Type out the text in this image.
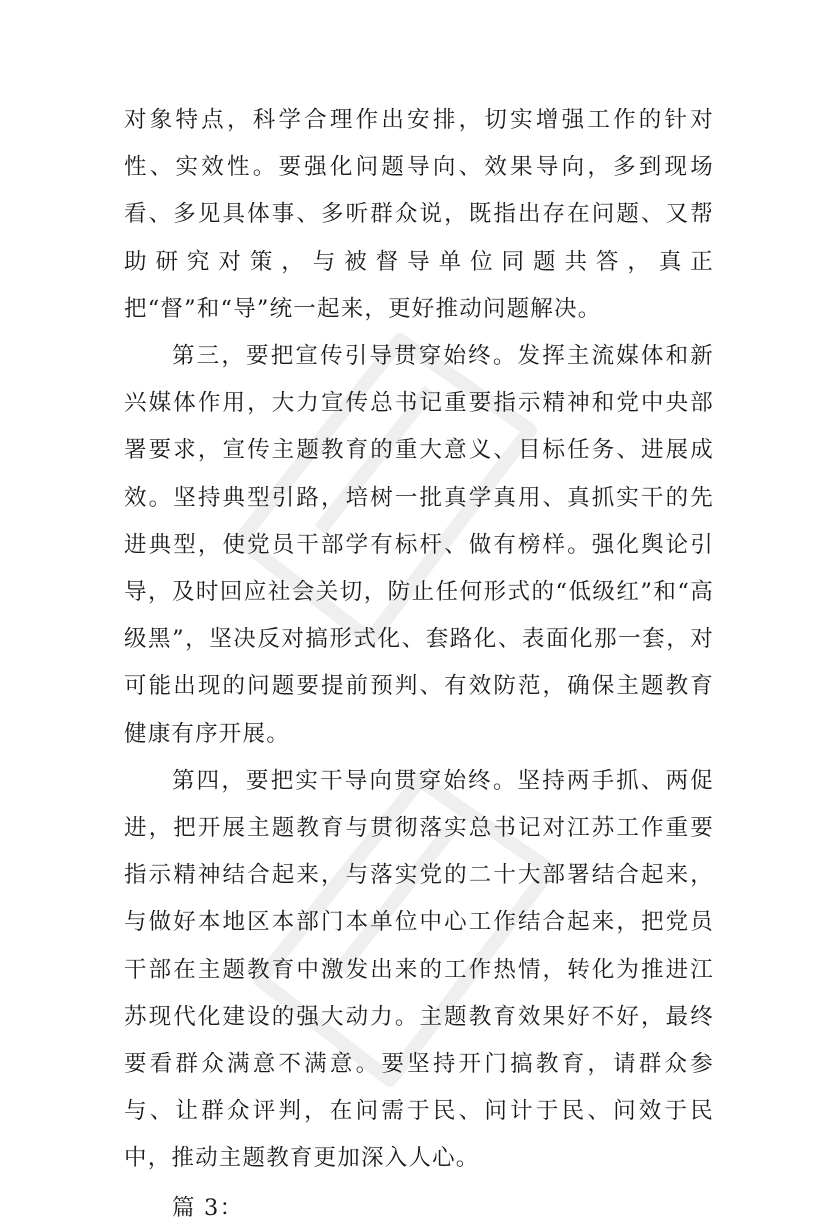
对象特点，科学合理作出安排，切实增强工作的针对性、实效性。要强化问题导向、效果导向，多到现场看、多见具体事、多听群众说，既指出存在问题、又帮助研究对策，与被督导单位同题共答，真正把“督”和“导”统一起来，更好推动问题解决。

第三，要把宣传引导贯穿始终。发挥主流媒体和新兴媒体作用，大力宣传总书记重要指示精神和党中央部署要求，宣传主题教育的重大意义、目标任务、进展成效。坚持典型引路，培树一批真学真用、真抓实干的先进典型，使党员干部学有标杆、做有榜样。强化舆论引导，及时回应社会关切，防止任何形式的“低级红”和“高级黑”，坚决反对搞形式化、套路化、表面化那一套，对可能出现的问题要提前预判、有效防范，确保主题教育健康有序开展。

第四，要把实干导向贯穿始终。坚持两手抓、两促进，把开展主题教育与贯彻落实总书记对江苏工作重要指示精神结合起来，与落实党的二十大部署结合起来，与做好本地区本部门本单位中心工作结合起来，把党员干部在主题教育中激发出来的工作热情，转化为推进江苏现代化建设的强大动力。主题教育效果好不好，最终要看群众满意不满意。要坚持开门搞教育，请群众参与、让群众评判，在问需于民、问计于民、问效于民中，推动主题教育更加深入人心。

篇 3：
